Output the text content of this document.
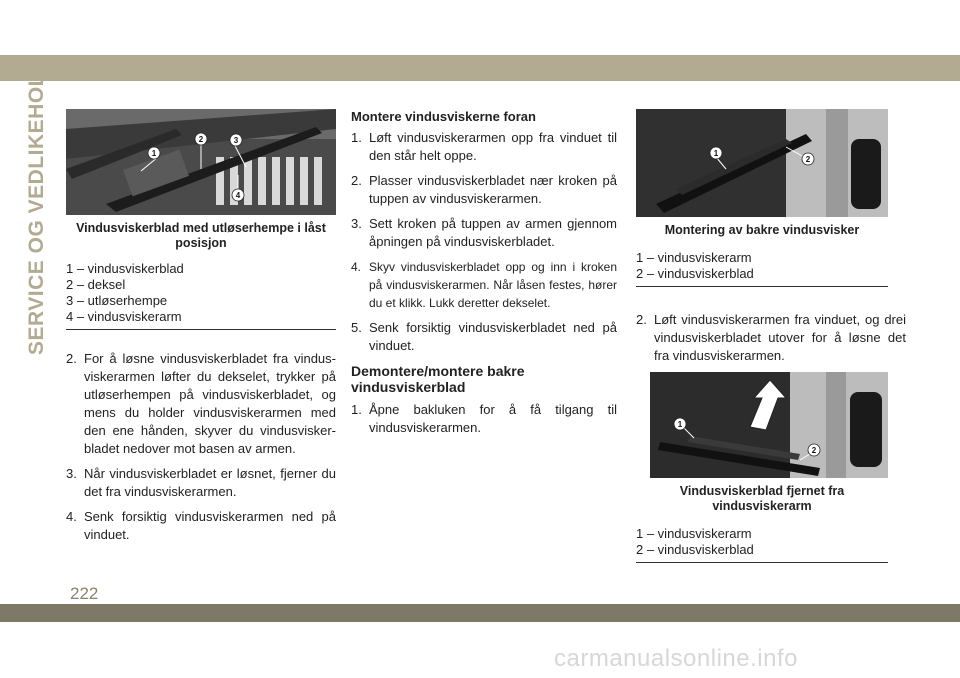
SERVICE OG VEDLIKEHOLD	1
2	3
4
Vindusviskerblad med utløserhempe i låst posisjon
1 – vindusviskerblad
2 – deksel
3 – utløserhempe
4 – vindusviskerarm
2. For å løsne vindusviskerbladet fra vindus-viskerarmen løfter du dekselet, trykker på utløserhempen på vindusviskerbladet, og mens du holder vindusviskerarmen med den ene hånden, skyver du vindusvisker-bladet nedover mot basen av armen.
3. Når vindusviskerbladet er løsnet, fjerner du det fra vindusviskerarmen.
4. Senk forsiktig vindusviskerarmen ned på vinduet.
Montere vindusviskerne foran
1. Løft vindusviskerarmen opp fra vinduet til den står helt oppe.
2. Plasser vindusviskerbladet nær kroken på tuppen av vindusviskerarmen.
3. Sett kroken på tuppen av armen gjennom åpningen på vindusviskerbladet.
4. Skyv vindusviskerbladet opp og inn i kroken på vindusviskerarmen. Når låsen festes, hører du et klikk. Lukk deretter dekselet.
5. Senk forsiktig vindusviskerbladet ned på vinduet.
Demontere/montere bakre vindusviskerblad
1. Åpne bakluken for å få tilgang til vindusviskerarmen.
1
2
Montering av bakre vindusvisker
1 – vindusviskerarm
2 – vindusviskerblad
2. Løft vindusviskerarmen fra vinduet, og drei vindusviskerbladet utover for å løsne det fra vindusviskerarmen.
1
2
Vindusviskerblad fjernet fra vindusviskerarm
1 – vindusviskerarm
2 – vindusviskerblad
222
carmanualsonline.info
